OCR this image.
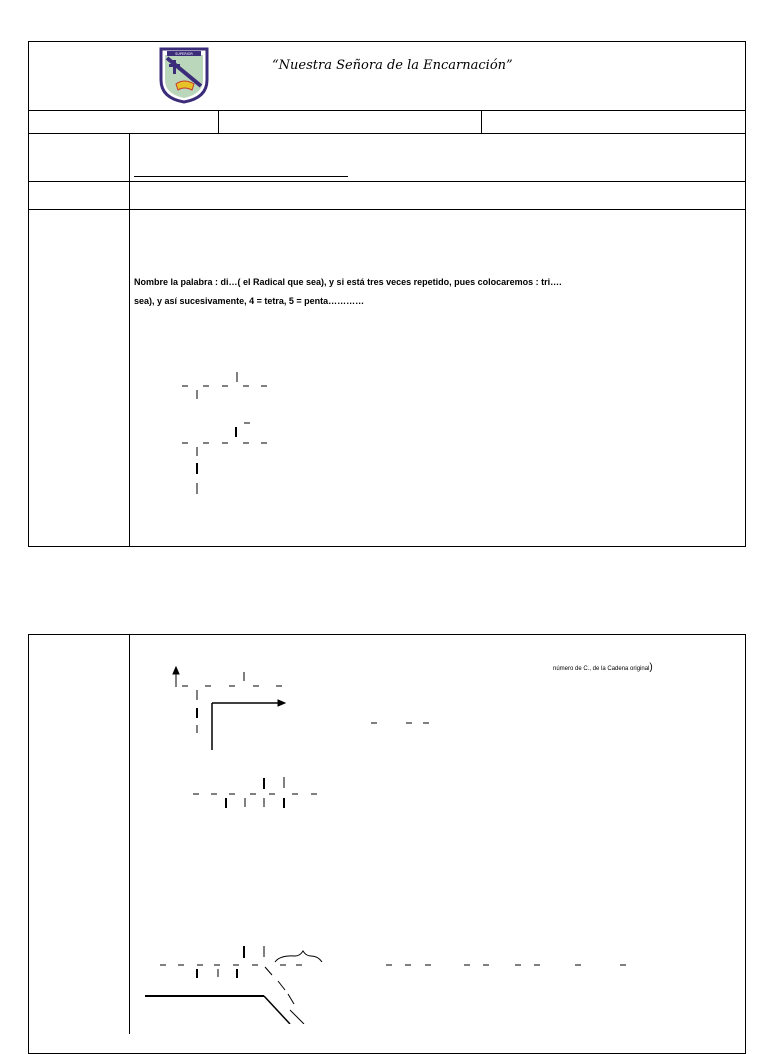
SUPERIOR
“Nuestra Señora de la Encarnación”
Nombre la palabra : di…( el Radical que sea), y si está tres veces repetido, pues colocaremos : tri….
sea), y así sucesivamente, 4 = tetra, 5 = penta…………
número de C., de la Cadena original)
